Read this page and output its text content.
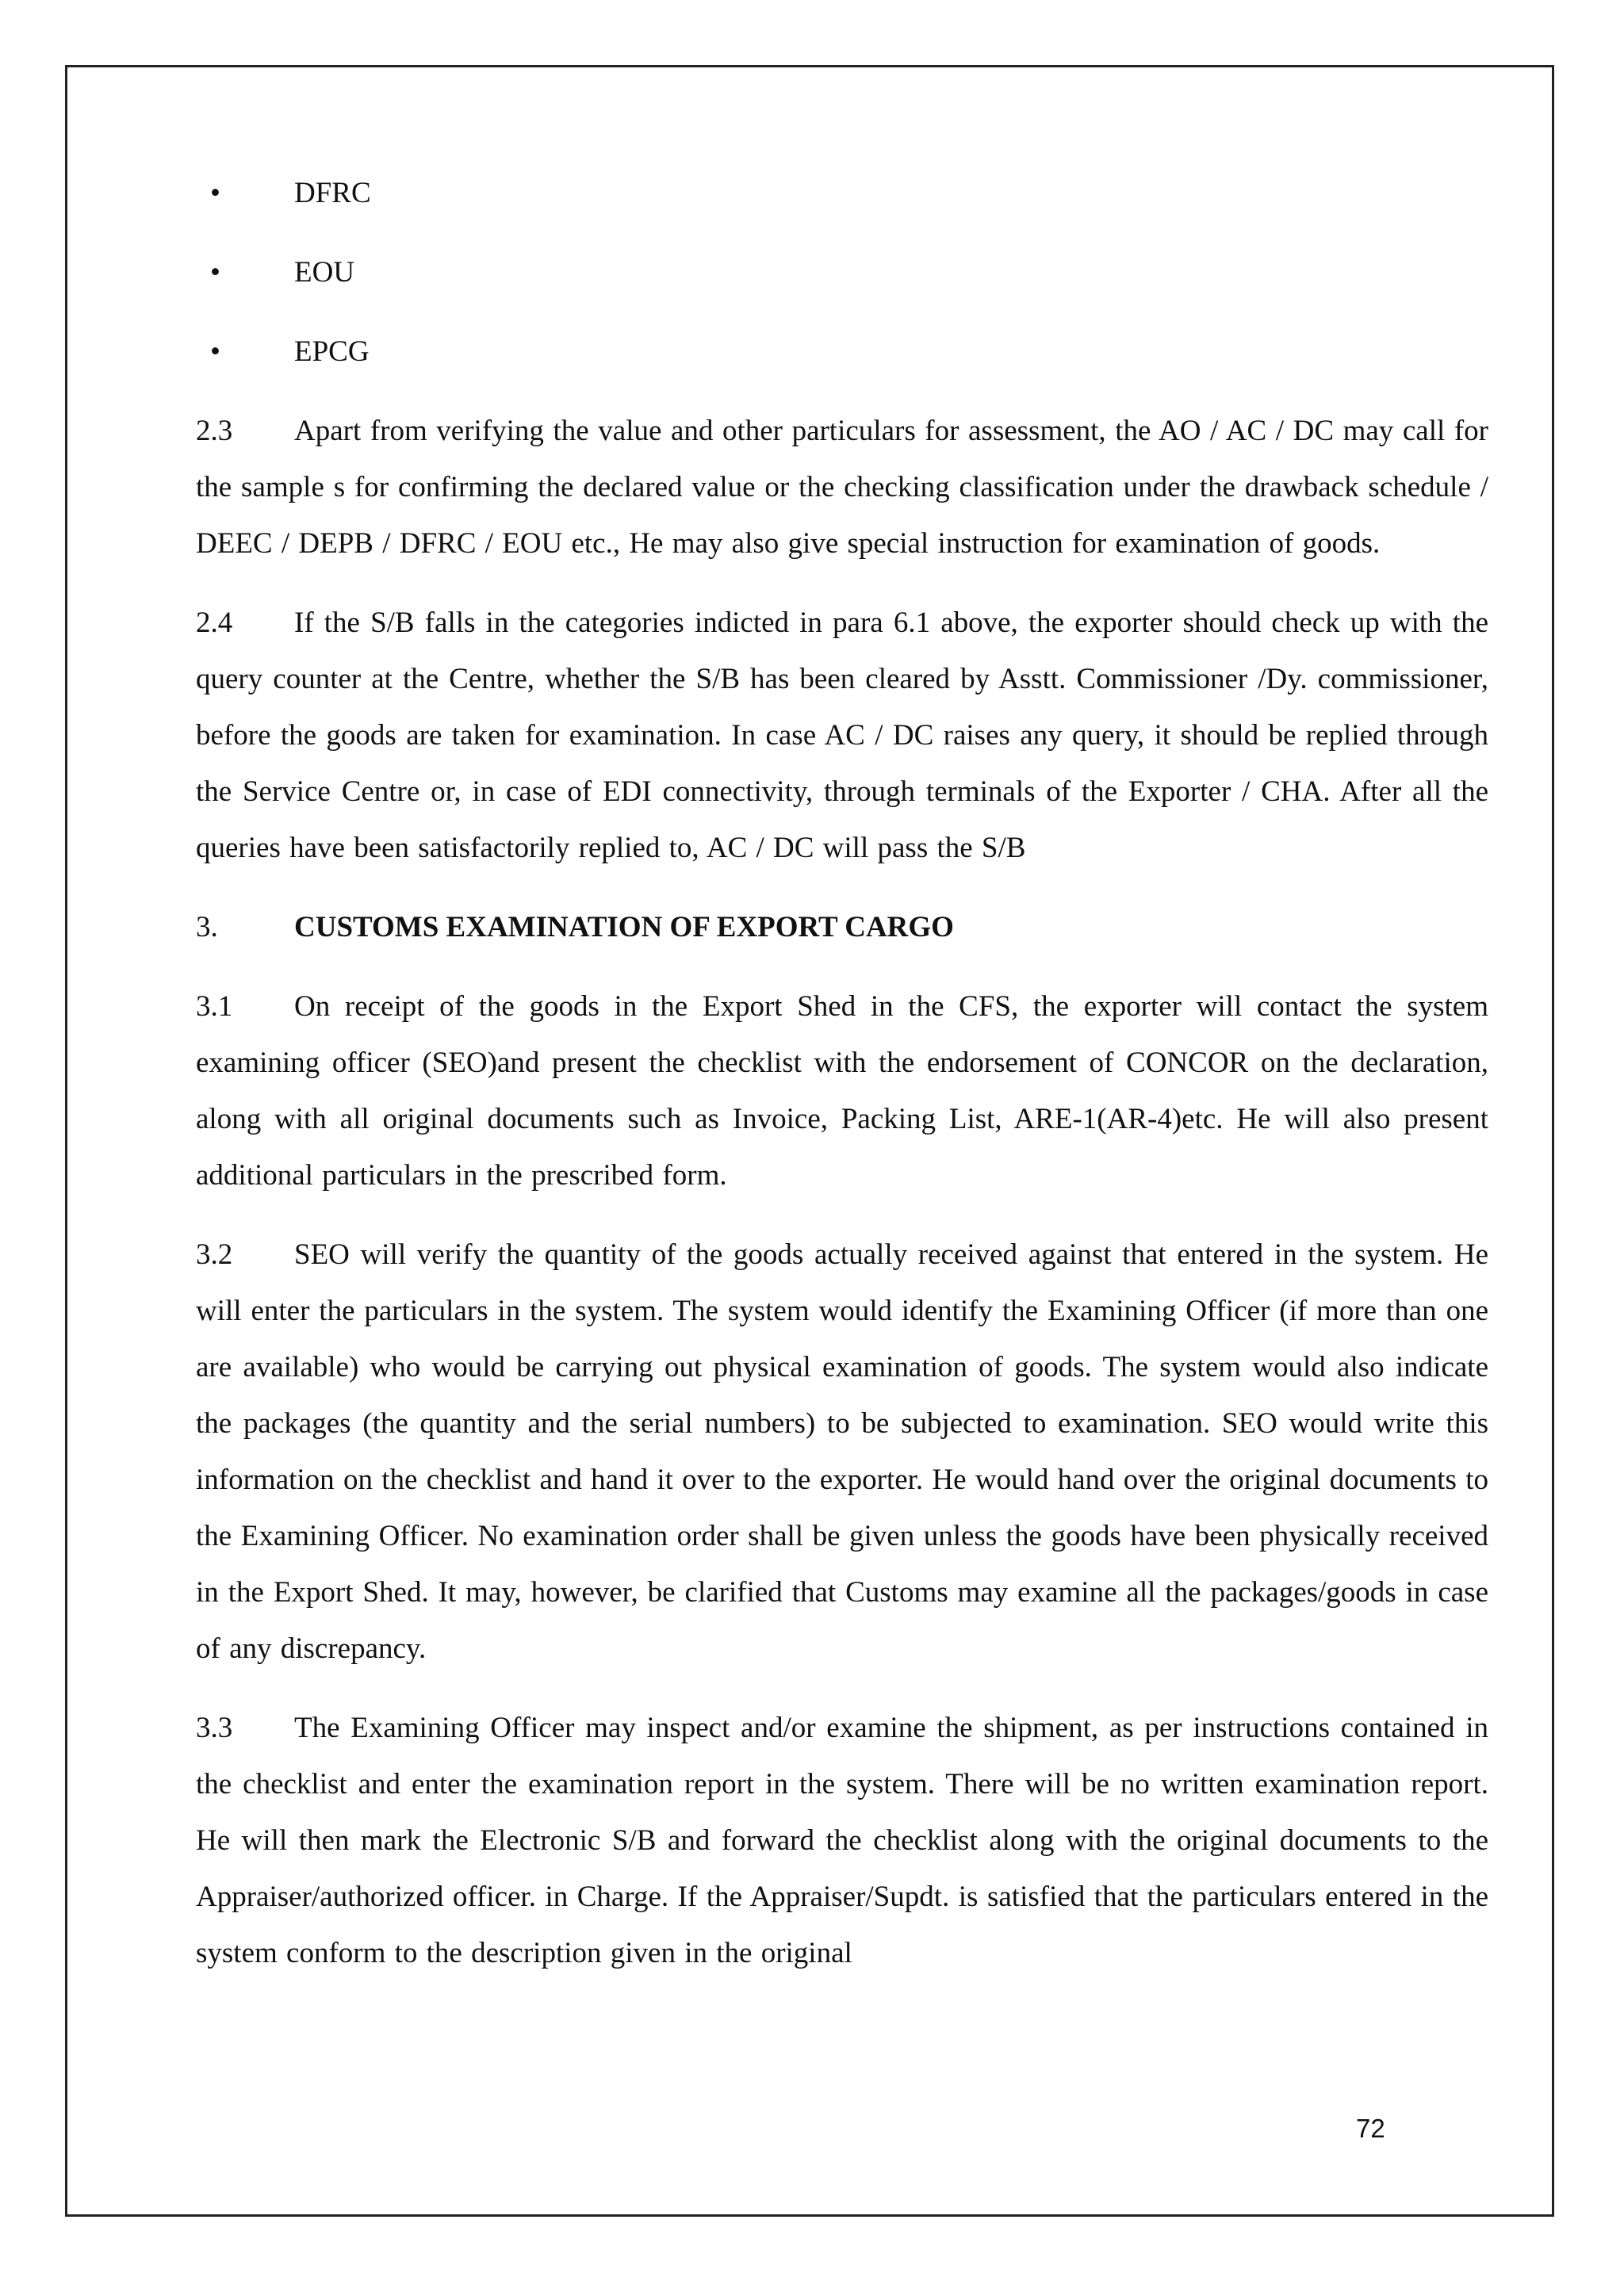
•	DFRC
•	EOU
•	EPCG

2.3 Apart from verifying the value and other particulars for assessment, the AO / AC / DC may call for the sample s for confirming the declared value or the checking classification under the drawback schedule / DEEC / DEPB / DFRC / EOU etc., He may also give special instruction for examination of goods.

2.4 If the S/B falls in the categories indicted in para 6.1 above, the exporter should check up with the query counter at the Centre, whether the S/B has been cleared by Asstt. Commissioner /Dy. commissioner, before the goods are taken for examination. In case AC / DC raises any query, it should be replied through the Service Centre or, in case of EDI connectivity, through terminals of the Exporter / CHA. After all the queries have been satisfactorily replied to, AC / DC will pass the S/B

3.	CUSTOMS EXAMINATION OF EXPORT CARGO

3.1 On receipt of the goods in the Export Shed in the CFS, the exporter will contact the system examining officer (SEO)and present the checklist with the endorsement of CONCOR on the declaration, along with all original documents such as Invoice, Packing List, ARE-1(AR-4)etc. He will also present additional particulars in the prescribed form.

3.2 SEO will verify the quantity of the goods actually received against that entered in the system. He will enter the particulars in the system. The system would identify the Examining Officer (if more than one are available) who would be carrying out physical examination of goods. The system would also indicate the packages (the quantity and the serial numbers) to be subjected to examination. SEO would write this information on the checklist and hand it over to the exporter. He would hand over the original documents to the Examining Officer. No examination order shall be given unless the goods have been physically received in the Export Shed. It may, however, be clarified that Customs may examine all the packages/goods in case of any discrepancy.

3.3 The Examining Officer may inspect and/or examine the shipment, as per instructions contained in the checklist and enter the examination report in the system. There will be no written examination report. He will then mark the Electronic S/B and forward the checklist along with the original documents to the Appraiser/authorized officer. in Charge. If the Appraiser/Supdt. is satisfied that the particulars entered in the system conform to the description given in the original

72
